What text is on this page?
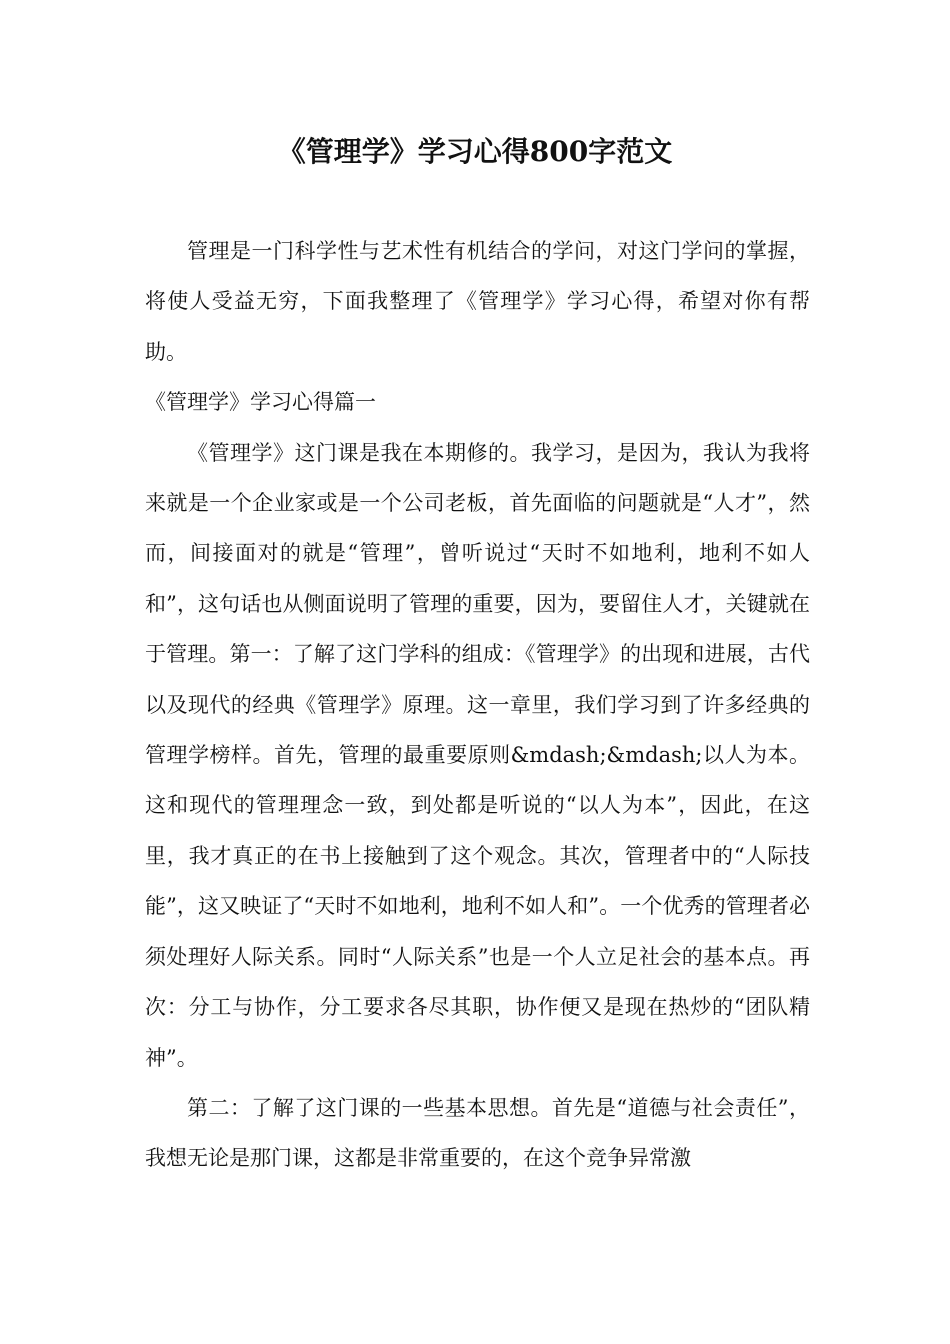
《管理学》学习心得800字范文

管理是一门科学性与艺术性有机结合的学问，对这门学问的掌握，将使人受益无穷，下面我整理了《管理学》学习心得，希望对你有帮助。

《管理学》学习心得篇一

《管理学》这门课是我在本期修的。我学习，是因为，我认为我将来就是一个企业家或是一个公司老板，首先面临的问题就是“人才”，然而，间接面对的就是“管理”，曾听说过“天时不如地利，地利不如人和”，这句话也从侧面说明了管理的重要，因为，要留住人才，关键就在于管理。第一：了解了这门学科的组成：《管理学》的出现和进展，古代以及现代的经典《管理学》原理。这一章里，我们学习到了许多经典的管理学榜样。首先，管理的最重要原则&mdash;&mdash;以人为本。这和现代的管理理念一致，到处都是听说的“以人为本”，因此，在这里，我才真正的在书上接触到了这个观念。其次，管理者中的“人际技能”，这又映证了“天时不如地利，地利不如人和”。一个优秀的管理者必须处理好人际关系。同时“人际关系”也是一个人立足社会的基本点。再次：分工与协作，分工要求各尽其职，协作便又是现在热炒的“团队精神”。

第二：了解了这门课的一些基本思想。首先是“道德与社会责任”，我想无论是那门课，这都是非常重要的，在这个竞争异常激
